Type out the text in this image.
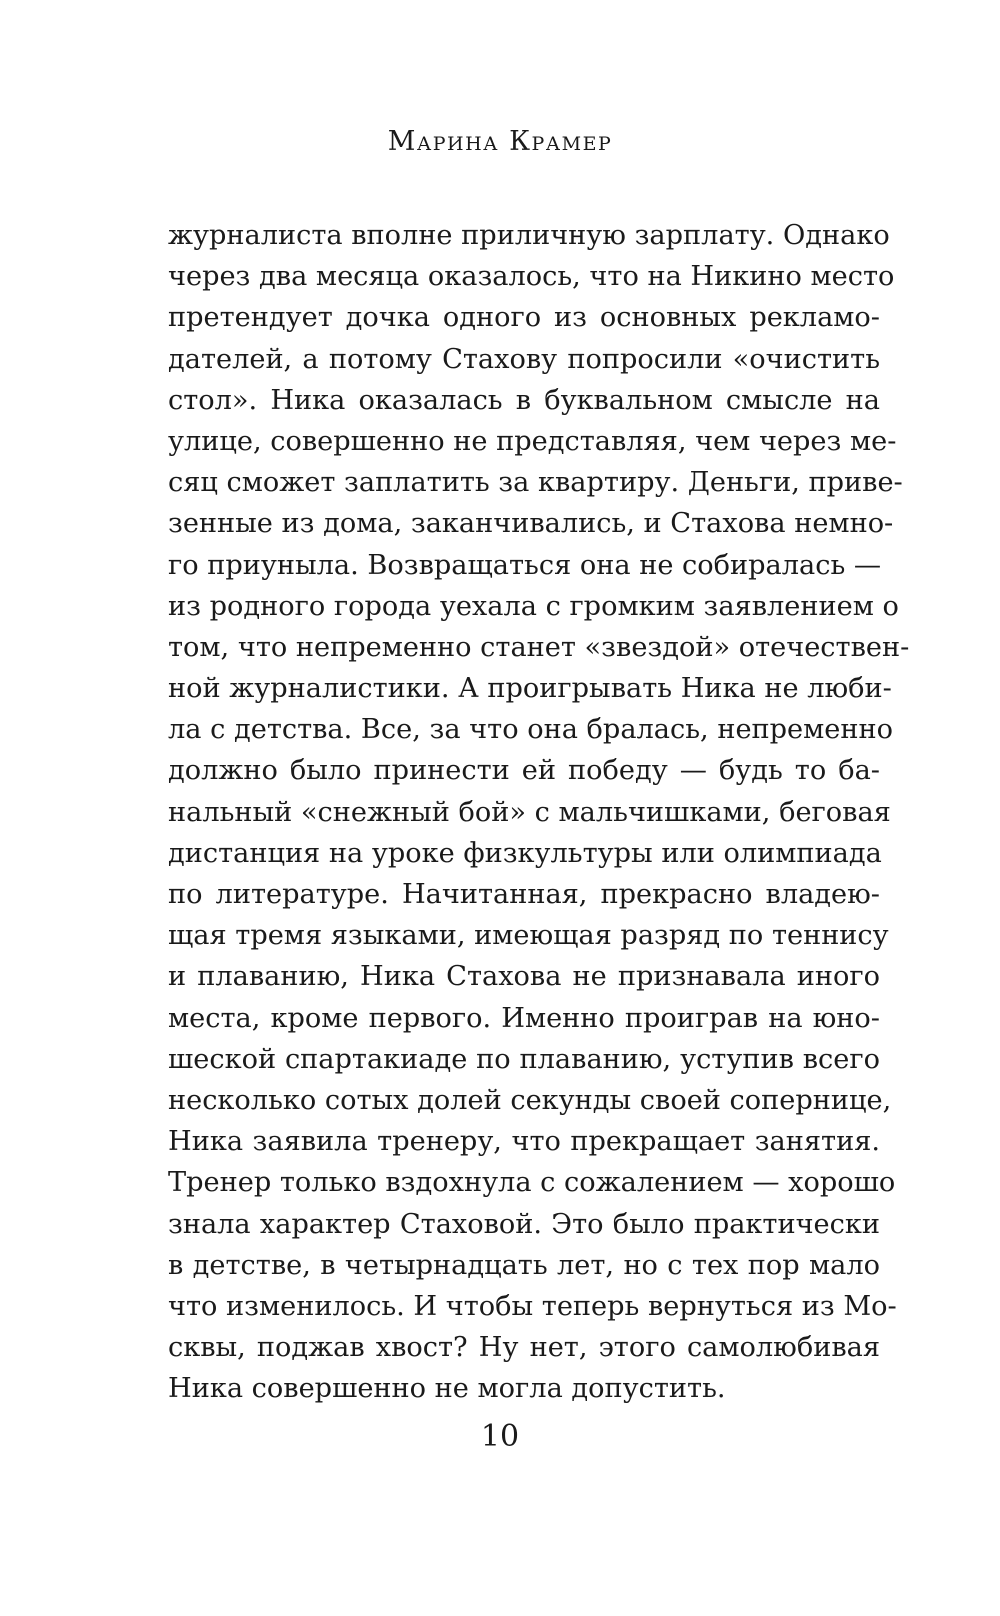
Марина Крамер
журналиста вполне приличную зарплату. Однако
через два месяца оказалось, что на Никино место
претендует дочка одного из основных рекламо-
дателей, а потому Стахову попросили «очистить
стол». Ника оказалась в буквальном смысле на
улице, совершенно не представляя, чем через ме-
сяц сможет заплатить за квартиру. Деньги, приве-
зенные из дома, заканчивались, и Стахова немно-
го приуныла. Возвращаться она не собиралась —
из родного города уехала с громким заявлением о
том, что непременно станет «звездой» отечествен-
ной журналистики. А проигрывать Ника не люби-
ла с детства. Все, за что она бралась, непременно
должно было принести ей победу — будь то ба-
нальный «снежный бой» с мальчишками, беговая
дистанция на уроке физкультуры или олимпиада
по литературе. Начитанная, прекрасно владею-
щая тремя языками, имеющая разряд по теннису
и плаванию, Ника Стахова не признавала иного
места, кроме первого. Именно проиграв на юно-
шеской спартакиаде по плаванию, уступив всего
несколько сотых долей секунды своей сопернице,
Ника заявила тренеру, что прекращает занятия.
Тренер только вздохнула с сожалением — хорошо
знала характер Стаховой. Это было практически
в детстве, в четырнадцать лет, но с тех пор мало
что изменилось. И чтобы теперь вернуться из Мо-
сквы, поджав хвост? Ну нет, этого самолюбивая
Ника совершенно не могла допустить.
10
